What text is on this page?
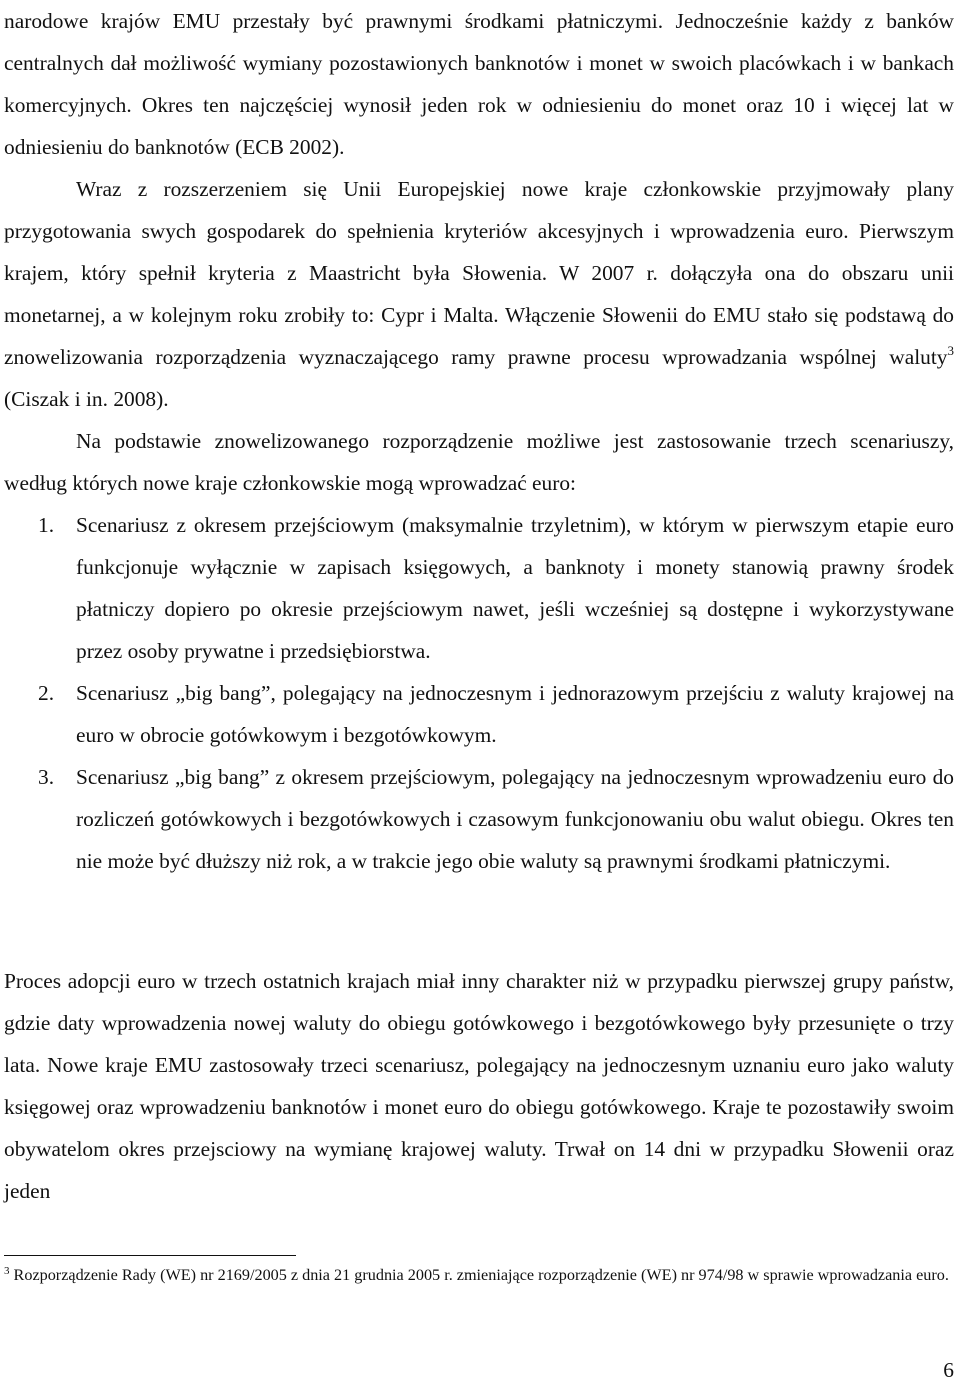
narodowe krajów EMU przestały być prawnymi środkami płatniczymi. Jednocześnie każdy z banków centralnych dał możliwość wymiany pozostawionych banknotów i monet w swoich placówkach i w bankach komercyjnych. Okres ten najczęściej wynosił jeden rok w odniesieniu do monet oraz 10 i więcej lat w odniesieniu do banknotów (ECB 2002).

Wraz z rozszerzeniem się Unii Europejskiej nowe kraje członkowskie przyjmowały plany przygotowania swych gospodarek do spełnienia kryteriów akcesyjnych i wprowadzenia euro. Pierwszym krajem, który spełnił kryteria z Maastricht była Słowenia. W 2007 r. dołączyła ona do obszaru unii monetarnej, a w kolejnym roku zrobiły to: Cypr i Malta. Włączenie Słowenii do EMU stało się podstawą do znowelizowania rozporządzenia wyznaczającego ramy prawne procesu wprowadzania wspólnej waluty$^3$ (Ciszak i in. 2008).

Na podstawie znowelizowanego rozporządzenie możliwe jest zastosowanie trzech scenariuszy, według których nowe kraje członkowskie mogą wprowadzać euro:

1. Scenariusz z okresem przejściowym (maksymalnie trzyletnim), w którym w pierwszym etapie euro funkcjonuje wyłącznie w zapisach księgowych, a banknoty i monety stanowią prawny środek płatniczy dopiero po okresie przejściowym nawet, jeśli wcześniej są dostępne i wykorzystywane przez osoby prywatne i przedsiębiorstwa.
2. Scenariusz „big bang”, polegający na jednoczesnym i jednorazowym przejściu z waluty krajowej na euro w obrocie gotówkowym i bezgotówkowym.
3. Scenariusz „big bang” z okresem przejściowym, polegający na jednoczesnym wprowadzeniu euro do rozliczeń gotówkowych i bezgotówkowych i czasowym funkcjonowaniu obu walut obiegu. Okres ten nie może być dłuższy niż rok, a w trakcie jego obie waluty są prawnymi środkami płatniczymi.

Proces adopcji euro w trzech ostatnich krajach miał inny charakter niż w przypadku pierwszej grupy państw, gdzie daty wprowadzenia nowej waluty do obiegu gotówkowego i bezgotówkowego były przesunięte o trzy lata. Nowe kraje EMU zastosowały trzeci scenariusz, polegający na jednoczesnym uznaniu euro jako waluty księgowej oraz wprowadzeniu banknotów i monet euro do obiegu gotówkowego. Kraje te pozostawiły swoim obywatelom okres przejsciowy na wymianę krajowej waluty. Trwał on 14 dni w przypadku Słowenii oraz jeden

$^3$ Rozporządzenie Rady (WE) nr 2169/2005 z dnia 21 grudnia 2005 r. zmieniające rozporządzenie (WE) nr 974/98 w sprawie wprowadzania euro.

6
